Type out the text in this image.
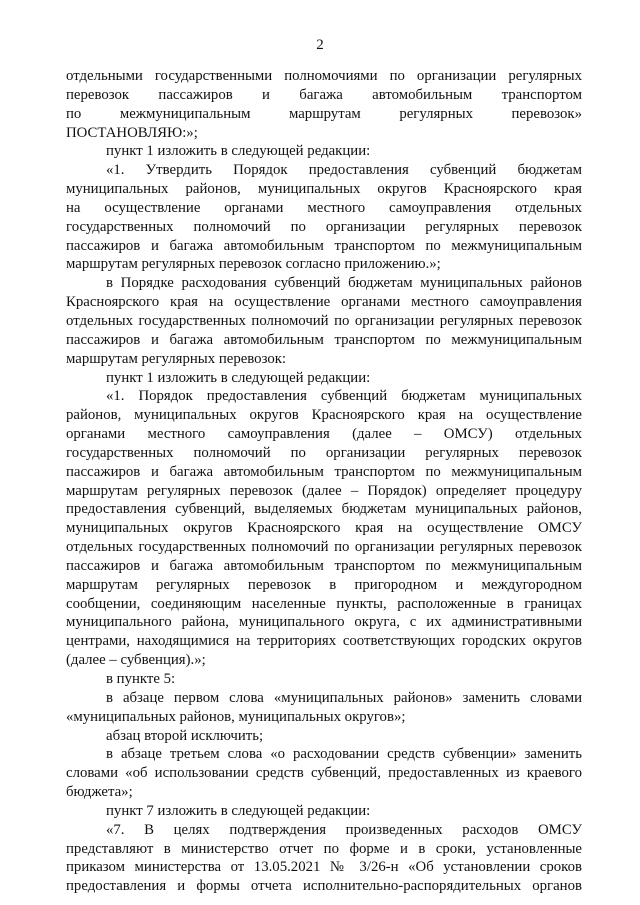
2
отдельными государственными полномочиями по организации регулярных
перевозок пассажиров и багажа автомобильным транспортом
по межмуниципальным маршрутам регулярных перевозок»
ПОСТАНОВЛЯЮ:»;
пункт 1 изложить в следующей редакции:
«1. Утвердить Порядок предоставления субвенций бюджетам
муниципальных районов, муниципальных округов Красноярского края
на осуществление органами местного самоуправления отдельных
государственных полномочий по организации регулярных перевозок
пассажиров и багажа автомобильным транспортом по межмуниципальным
маршрутам регулярных перевозок согласно приложению.»;
в Порядке расходования субвенций бюджетам муниципальных районов
Красноярского края на осуществление органами местного самоуправления
отдельных государственных полномочий по организации регулярных перевозок
пассажиров и багажа автомобильным транспортом по межмуниципальным
маршрутам регулярных перевозок:
пункт 1 изложить в следующей редакции:
«1. Порядок предоставления субвенций бюджетам муниципальных
районов, муниципальных округов Красноярского края на осуществление
органами местного самоуправления (далее – ОМСУ) отдельных
государственных полномочий по организации регулярных перевозок
пассажиров и багажа автомобильным транспортом по межмуниципальным
маршрутам регулярных перевозок (далее – Порядок) определяет процедуру
предоставления субвенций, выделяемых бюджетам муниципальных районов,
муниципальных округов Красноярского края на осуществление ОМСУ
отдельных государственных полномочий по организации регулярных перевозок
пассажиров и багажа автомобильным транспортом по межмуниципальным
маршрутам регулярных перевозок в пригородном и междугородном
сообщении, соединяющим населенные пункты, расположенные в границах
муниципального района, муниципального округа, с их административными
центрами, находящимися на территориях соответствующих городских округов
(далее – субвенция).»;
в пункте 5:
в абзаце первом слова «муниципальных районов» заменить словами
«муниципальных районов, муниципальных округов»;
абзац второй исключить;
в абзаце третьем слова «о расходовании средств субвенции» заменить
словами «об использовании средств субвенций, предоставленных из краевого
бюджета»;
пункт 7 изложить в следующей редакции:
«7. В целях подтверждения произведенных расходов ОМСУ
представляют в министерство отчет по форме и в сроки, установленные
приказом министерства от 13.05.2021 № 3/26-н «Об установлении сроков
предоставления и формы отчета исполнительно-распорядительных органов
